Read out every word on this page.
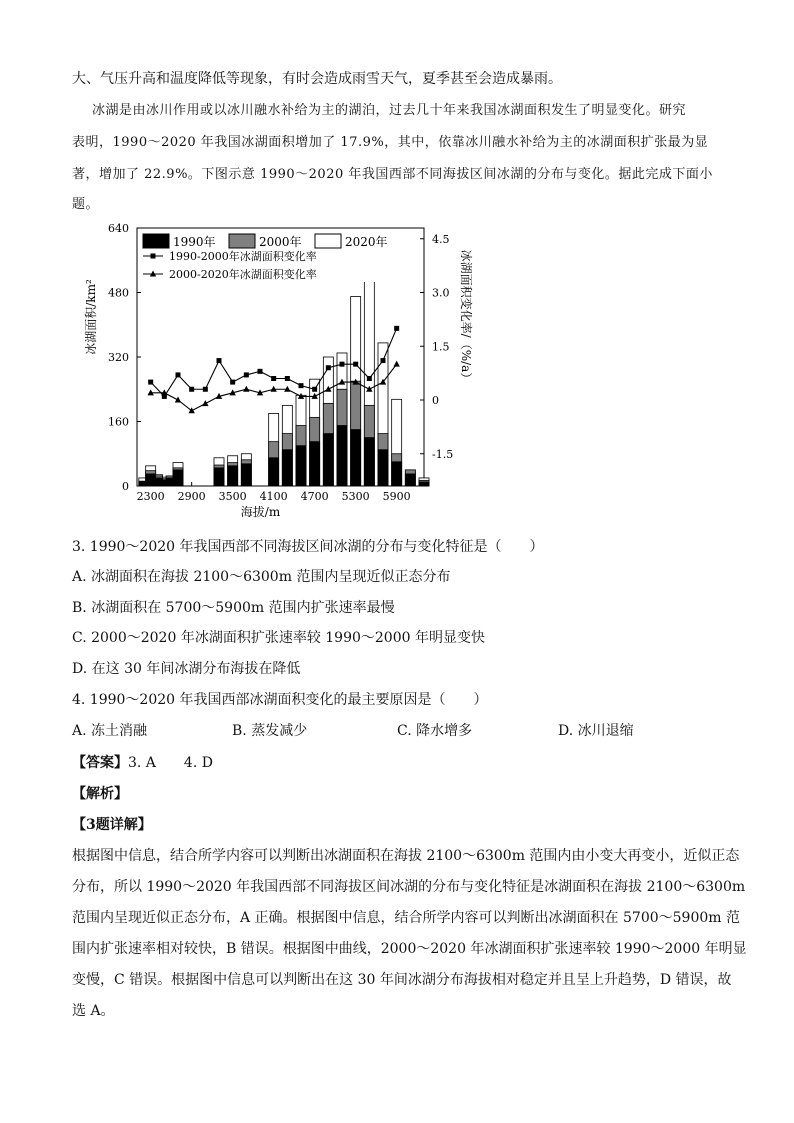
大、气压升高和温度降低等现象，有时会造成雨雪天气，夏季甚至会造成暴雨。
冰湖是由冰川作用或以冰川融水补给为主的湖泊，过去几十年来我国冰湖面积发生了明显变化。研究
表明，1990～2020 年我国冰湖面积增加了 17.9%，其中，依靠冰川融水补给为主的冰湖面积扩张最为显
著，增加了 22.9%。下图示意 1990～2020 年我国西部不同海拔区间冰湖的分布与变化。据此完成下面小
题。
0
160
320
480
640
-1.5
0
1.5
3.0
4.5
2300 2900 3500 4100 4700 5300 5900
1990年	2000年	2020年
1990-2000年冰湖面积变化率
2000-2020年冰湖面积变化率
海拔/m
冰湖面积/km²	冰湖面积变化率/（%/a）
3. 1990～2020 年我国西部不同海拔区间冰湖的分布与变化特征是（　　）
A. 冰湖面积在海拔 2100～6300m 范围内呈现近似正态分布
B. 冰湖面积在 5700～5900m 范围内扩张速率最慢
C. 2000～2020 年冰湖面积扩张速率较 1990～2000 年明显变快
D. 在这 30 年间冰湖分布海拔在降低
4. 1990～2020 年我国西部冰湖面积变化的最主要原因是（　　）
A. 冻土消融	B. 蒸发减少	C. 降水增多	D. 冰川退缩
【答案】3. A　　4. D
【解析】
【3题详解】
根据图中信息，结合所学内容可以判断出冰湖面积在海拔 2100～6300m 范围内由小变大再变小，近似正态
分布，所以 1990～2020 年我国西部不同海拔区间冰湖的分布与变化特征是冰湖面积在海拔 2100～6300m
范围内呈现近似正态分布，A 正确。根据图中信息，结合所学内容可以判断出冰湖面积在 5700～5900m 范
围内扩张速率相对较快，B 错误。根据图中曲线，2000～2020 年冰湖面积扩张速率较 1990～2000 年明显
变慢，C 错误。根据图中信息可以判断出在这 30 年间冰湖分布海拔相对稳定并且呈上升趋势，D 错误，故
选 A。
